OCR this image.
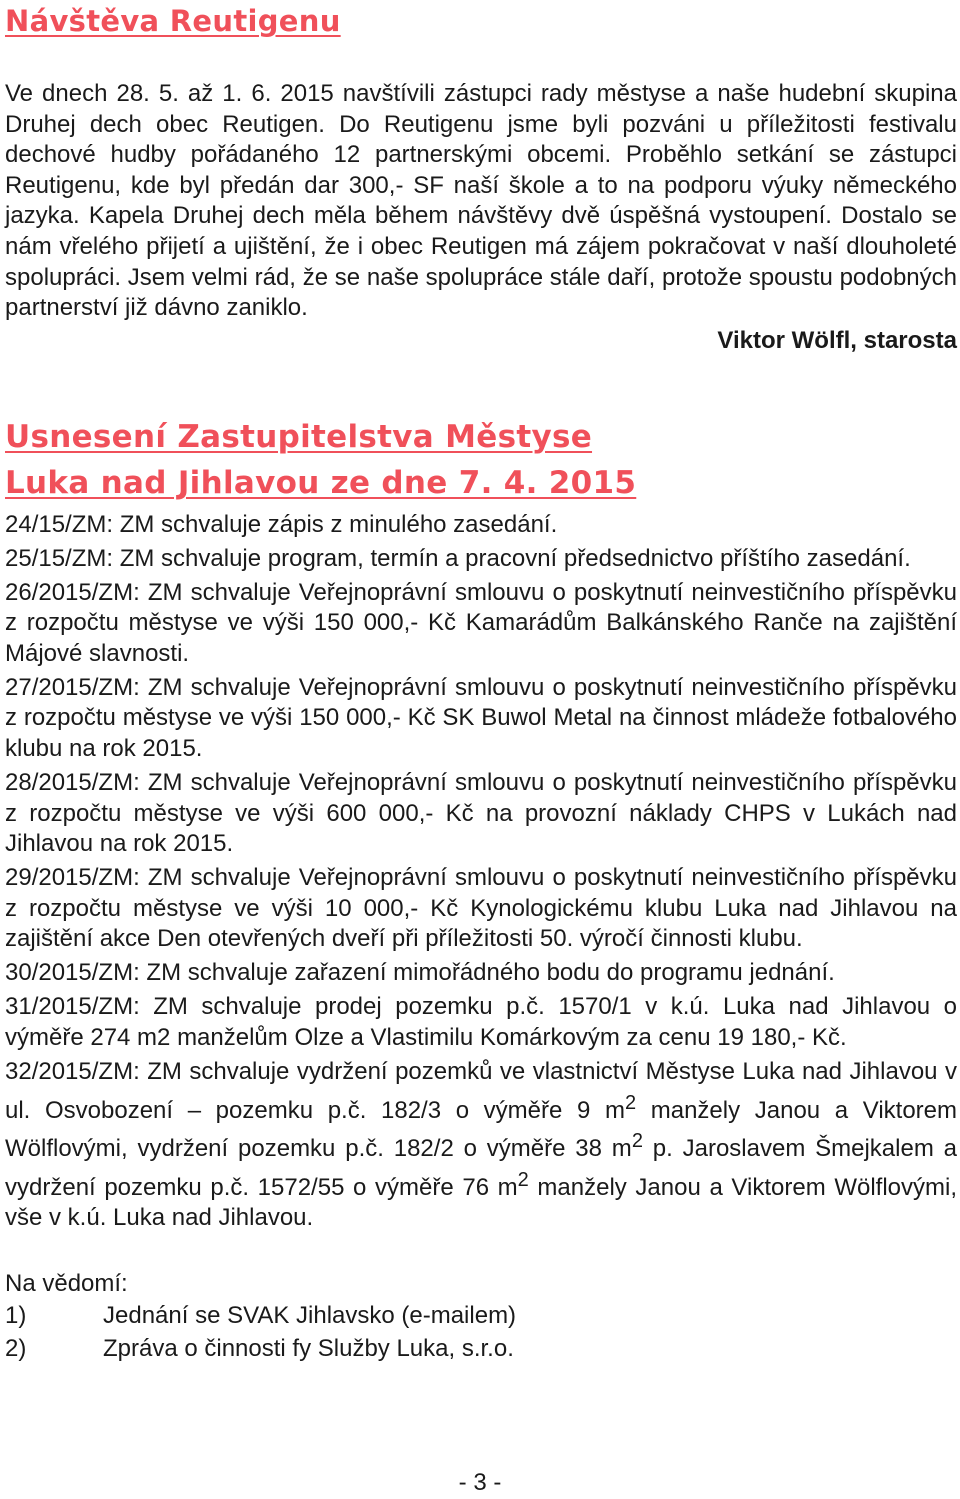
Návštěva Reutigenu

Ve dnech 28. 5. až 1. 6. 2015 navštívili zástupci rady městyse a naše hudební skupina Druhej dech obec Reutigen. Do Reutigenu jsme byli pozváni u příležitosti festivalu dechové hudby pořádaného 12 partnerskými obcemi. Proběhlo setkání se zástupci Reutigenu, kde byl předán dar 300,- SF naší škole a to na podporu výuky německého jazyka. Kapela Druhej dech měla během návštěvy dvě úspěšná vystoupení. Dostalo se nám vřelého přijetí a ujištění, že i obec Reutigen má zájem pokračovat v naší dlouholeté spolupráci. Jsem velmi rád, že se naše spolupráce stále daří, protože spoustu podobných partnerství již dávno zaniklo.

Viktor Wölfl, starosta
Usnesení Zastupitelstva Městyse
Luka nad Jihlavou ze dne 7. 4. 2015

24/15/ZM: ZM schvaluje zápis z minulého zasedání.

25/15/ZM: ZM schvaluje program, termín a pracovní předsednictvo příštího zasedání.

26/2015/ZM: ZM schvaluje Veřejnoprávní smlouvu o poskytnutí neinvestičního příspěvku z rozpočtu městyse ve výši 150 000,- Kč Kamarádům Balkánského Ranče na zajištění Májové slavnosti.

27/2015/ZM: ZM schvaluje Veřejnoprávní smlouvu o poskytnutí neinvestičního příspěvku z rozpočtu městyse ve výši 150 000,- Kč SK Buwol Metal na činnost mládeže fotbalového klubu na rok 2015.

28/2015/ZM: ZM schvaluje Veřejnoprávní smlouvu o poskytnutí neinvestičního příspěvku z rozpočtu městyse ve výši 600 000,- Kč na provozní náklady CHPS v Lukách nad Jihlavou na rok 2015.

29/2015/ZM: ZM schvaluje Veřejnoprávní smlouvu o poskytnutí neinvestičního příspěvku z rozpočtu městyse ve výši 10 000,- Kč Kynologickému klubu Luka nad Jihlavou na zajištění akce Den otevřených dveří při příležitosti 50. výročí činnosti klubu.

30/2015/ZM: ZM schvaluje zařazení mimořádného bodu do programu jednání.

31/2015/ZM: ZM schvaluje prodej pozemku p.č. 1570/1 v k.ú. Luka nad Jihlavou o výměře 274 m2 manželům Olze a Vlastimilu Komárkovým za cenu 19 180,- Kč.

32/2015/ZM: ZM schvaluje vydržení pozemků ve vlastnictví Městyse Luka nad Jihlavou v ul. Osvobození – pozemku p.č. 182/3 o výměře 9 $m^2$ manžely Janou a Viktorem Wölflovými, vydržení pozemku p.č. 182/2 o výměře 38 $m^2$ p. Jaroslavem Šmejkalem a vydržení pozemku p.č. 1572/55 o výměře 76 $m^2$ manžely Janou a Viktorem Wölflovými, vše v k.ú. Luka nad Jihlavou.

Na vědomí:
1)	Jednání se SVAK Jihlavsko (e-mailem)
2)	Zpráva o činnosti fy Služby Luka, s.r.o.
- 3 -
